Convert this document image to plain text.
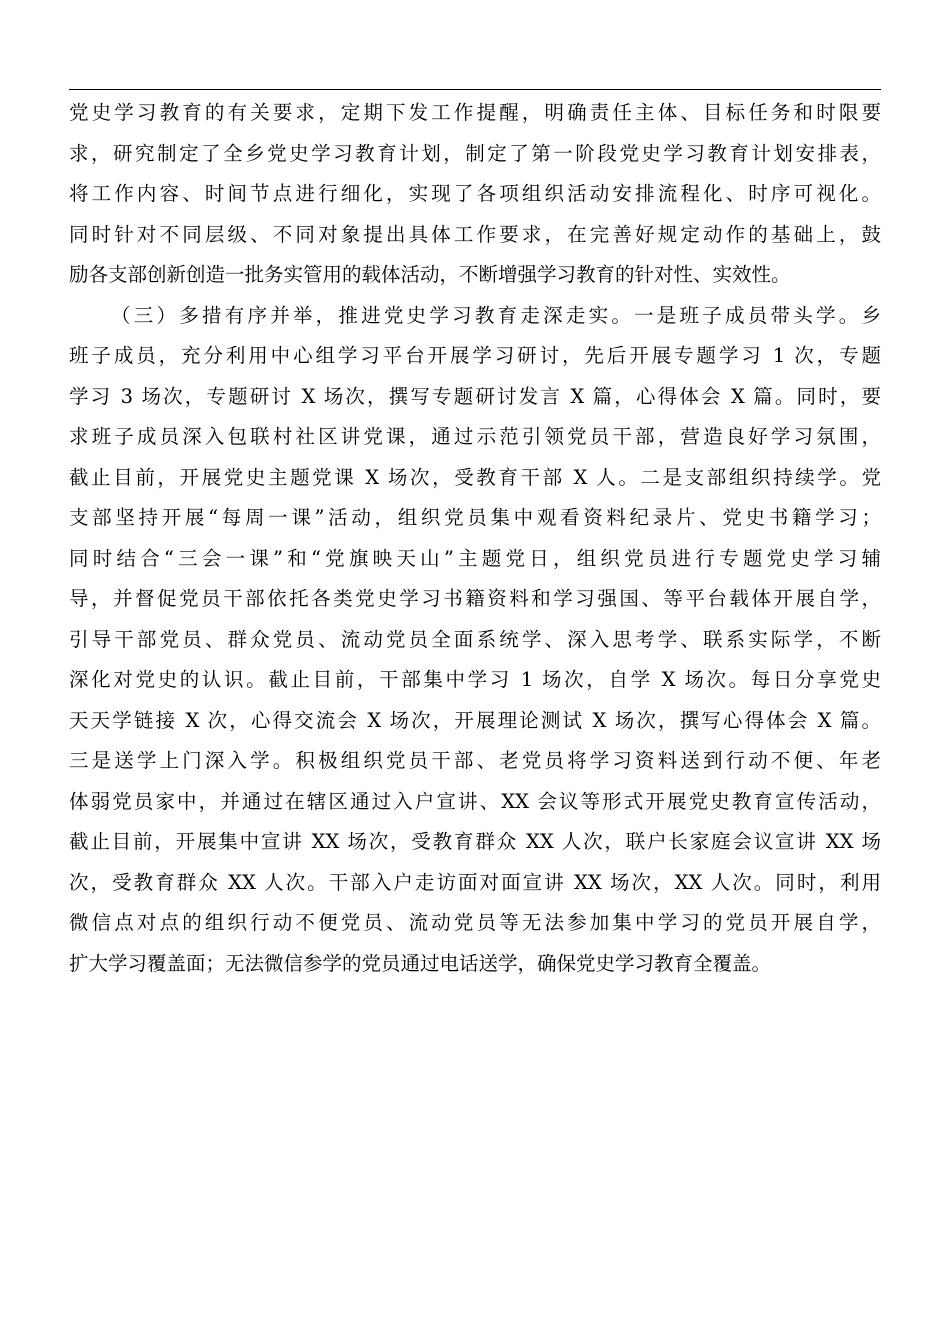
党史学习教育的有关要求，定期下发工作提醒，明确责任主体、目标任务和时限要
求，研究制定了全乡党史学习教育计划，制定了第一阶段党史学习教育计划安排表，
将工作内容、时间节点进行细化，实现了各项组织活动安排流程化、时序可视化。
同时针对不同层级、不同对象提出具体工作要求，在完善好规定动作的基础上，鼓
励各支部创新创造一批务实管用的载体活动，不断增强学习教育的针对性、实效性。
（三）多措有序并举，推进党史学习教育走深走实。一是班子成员带头学。乡
班子成员，充分利用中心组学习平台开展学习研讨，先后开展专题学习 1 次，专题
学习 3 场次，专题研讨 X 场次，撰写专题研讨发言 X 篇，心得体会 X 篇。同时，要
求班子成员深入包联村社区讲党课，通过示范引领党员干部，营造良好学习氛围，
截止目前，开展党史主题党课 X 场次，受教育干部 X 人。二是支部组织持续学。党
支部坚持开展“每周一课”活动，组织党员集中观看资料纪录片、党史书籍学习；
同时结合“三会一课”和“党旗映天山”主题党日，组织党员进行专题党史学习辅
导，并督促党员干部依托各类党史学习书籍资料和学习强国、等平台载体开展自学，
引导干部党员、群众党员、流动党员全面系统学、深入思考学、联系实际学，不断
深化对党史的认识。截止目前，干部集中学习 1 场次，自学 X 场次。每日分享党史
天天学链接 X 次，心得交流会 X 场次，开展理论测试 X 场次，撰写心得体会 X 篇。
三是送学上门深入学。积极组织党员干部、老党员将学习资料送到行动不便、年老
体弱党员家中，并通过在辖区通过入户宣讲、XX 会议等形式开展党史教育宣传活动，
截止目前，开展集中宣讲 XX 场次，受教育群众 XX 人次，联户长家庭会议宣讲 XX 场
次，受教育群众 XX 人次。干部入户走访面对面宣讲 XX 场次，XX 人次。同时，利用
微信点对点的组织行动不便党员、流动党员等无法参加集中学习的党员开展自学，
扩大学习覆盖面；无法微信参学的党员通过电话送学，确保党史学习教育全覆盖。
